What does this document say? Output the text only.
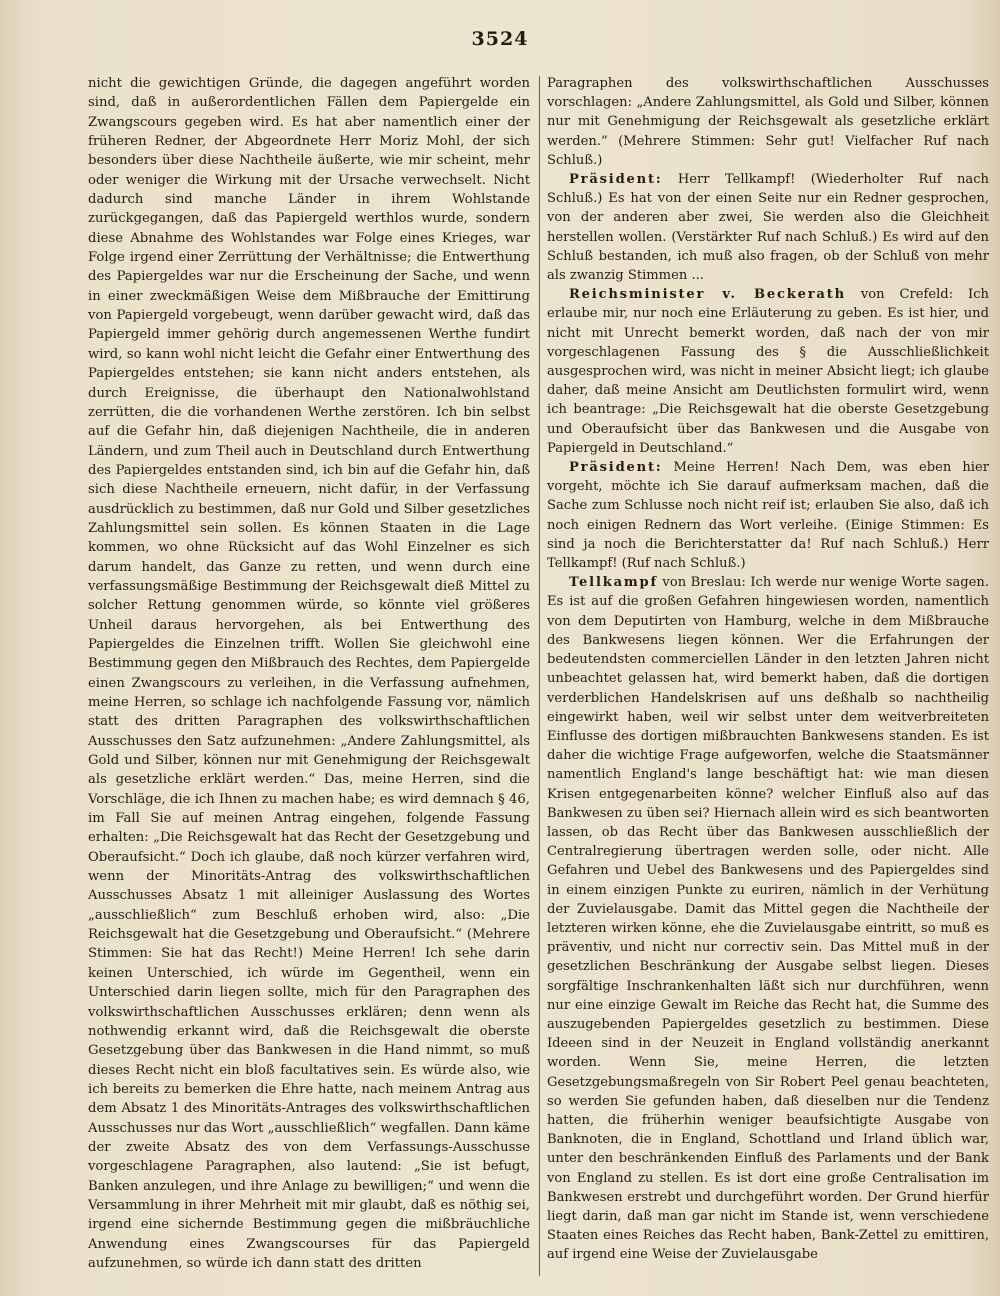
3524

nicht die gewichtigen Gründe, die dagegen angeführt worden sind, daß in außerordentlichen Fällen dem Papiergelde ein Zwangscours gegeben wird. Es hat aber namentlich einer der früheren Redner, der Abgeordnete Herr Moriz Mohl, der sich besonders über diese Nachtheile äußerte, wie mir scheint, mehr oder weniger die Wirkung mit der Ursache verwechselt. Nicht dadurch sind manche Länder in ihrem Wohlstande zurückgegangen, daß das Papiergeld werthlos wurde, sondern diese Abnahme des Wohlstandes war Folge eines Krieges, war Folge irgend einer Zerrüttung der Verhältnisse; die Entwerthung des Papiergeldes war nur die Erscheinung der Sache, und wenn in einer zweckmäßigen Weise dem Mißbrauche der Emittirung von Papiergeld vorgebeugt, wenn darüber gewacht wird, daß das Papiergeld immer gehörig durch angemessenen Werthe fundirt wird, so kann wohl nicht leicht die Gefahr einer Entwerthung des Papiergeldes entstehen; sie kann nicht anders entstehen, als durch Ereignisse, die überhaupt den Nationalwohlstand zerrütten, die die vorhandenen Werthe zerstören. Ich bin selbst auf die Gefahr hin, daß diejenigen Nachtheile, die in anderen Ländern, und zum Theil auch in Deutschland durch Entwerthung des Papiergeldes entstanden sind, ich bin auf die Gefahr hin, daß sich diese Nachtheile erneuern, nicht dafür, in der Verfassung ausdrücklich zu bestimmen, daß nur Gold und Silber gesetzliches Zahlungsmittel sein sollen. Es können Staaten in die Lage kommen, wo ohne Rücksicht auf das Wohl Einzelner es sich darum handelt, das Ganze zu retten, und wenn durch eine verfassungsmäßige Bestimmung der Reichsgewalt dieß Mittel zu solcher Rettung genommen würde, so könnte viel größeres Unheil daraus hervorgehen, als bei Entwerthung des Papiergeldes die Einzelnen trifft. Wollen Sie gleichwohl eine Bestimmung gegen den Mißbrauch des Rechtes, dem Papiergelde einen Zwangscours zu verleihen, in die Verfassung aufnehmen, meine Herren, so schlage ich nachfolgende Fassung vor, nämlich statt des dritten Paragraphen des volkswirthschaftlichen Ausschusses den Satz aufzunehmen: „Andere Zahlungsmittel, als Gold und Silber, können nur mit Genehmigung der Reichsgewalt als gesetzliche erklärt werden.“ Das, meine Herren, sind die Vorschläge, die ich Ihnen zu machen habe; es wird demnach § 46, im Fall Sie auf meinen Antrag eingehen, folgende Fassung erhalten: „Die Reichsgewalt hat das Recht der Gesetzgebung und Oberaufsicht.“ Doch ich glaube, daß noch kürzer verfahren wird, wenn der Minoritäts-Antrag des volkswirthschaftlichen Ausschusses Absatz 1 mit alleiniger Auslassung des Wortes „ausschließlich“ zum Beschluß erhoben wird, also: „Die Reichsgewalt hat die Gesetzgebung und Oberaufsicht.“ (Mehrere Stimmen: Sie hat das Recht!) Meine Herren! Ich sehe darin keinen Unterschied, ich würde im Gegentheil, wenn ein Unterschied darin liegen sollte, mich für den Paragraphen des volkswirthschaftlichen Ausschusses erklären; denn wenn als nothwendig erkannt wird, daß die Reichsgewalt die oberste Gesetzgebung über das Bankwesen in die Hand nimmt, so muß dieses Recht nicht ein bloß facultatives sein. Es würde also, wie ich bereits zu bemerken die Ehre hatte, nach meinem Antrag aus dem Absatz 1 des Minoritäts-Antrages des volkswirthschaftlichen Ausschusses nur das Wort „ausschließlich“ wegfallen. Dann käme der zweite Absatz des von dem Verfassungs-Ausschusse vorgeschlagene Paragraphen, also lautend: „Sie ist befugt, Banken anzulegen, und ihre Anlage zu bewilligen;“ und wenn die Versammlung in ihrer Mehrheit mit mir glaubt, daß es nöthig sei, irgend eine sichernde Bestimmung gegen die mißbräuchliche Anwendung eines Zwangscourses für das Papiergeld aufzunehmen, so würde ich dann statt des dritten

Paragraphen des volkswirthschaftlichen Ausschusses vorschlagen: „Andere Zahlungsmittel, als Gold und Silber, können nur mit Genehmigung der Reichsgewalt als gesetzliche erklärt werden.“ (Mehrere Stimmen: Sehr gut! Vielfacher Ruf nach Schluß.)

Präsident: Herr Tellkampf! (Wiederholter Ruf nach Schluß.) Es hat von der einen Seite nur ein Redner gesprochen, von der anderen aber zwei, Sie werden also die Gleichheit herstellen wollen. (Verstärkter Ruf nach Schluß.) Es wird auf den Schluß bestanden, ich muß also fragen, ob der Schluß von mehr als zwanzig Stimmen ...

Reichsminister v. Beckerath von Crefeld: Ich erlaube mir, nur noch eine Erläuterung zu geben. Es ist hier, und nicht mit Unrecht bemerkt worden, daß nach der von mir vorgeschlagenen Fassung des § die Ausschließlichkeit ausgesprochen wird, was nicht in meiner Absicht liegt; ich glaube daher, daß meine Ansicht am Deutlichsten formulirt wird, wenn ich beantrage: „Die Reichsgewalt hat die oberste Gesetzgebung und Oberaufsicht über das Bankwesen und die Ausgabe von Papiergeld in Deutschland.“

Präsident: Meine Herren! Nach Dem, was eben hier vorgeht, möchte ich Sie darauf aufmerksam machen, daß die Sache zum Schlusse noch nicht reif ist; erlauben Sie also, daß ich noch einigen Rednern das Wort verleihe. (Einige Stimmen: Es sind ja noch die Berichterstatter da! Ruf nach Schluß.) Herr Tellkampf! (Ruf nach Schluß.)

Tellkampf von Breslau: Ich werde nur wenige Worte sagen. Es ist auf die großen Gefahren hingewiesen worden, namentlich von dem Deputirten von Hamburg, welche in dem Mißbrauche des Bankwesens liegen können. Wer die Erfahrungen der bedeutendsten commerciellen Länder in den letzten Jahren nicht unbeachtet gelassen hat, wird bemerkt haben, daß die dortigen verderblichen Handelskrisen auf uns deßhalb so nachtheilig eingewirkt haben, weil wir selbst unter dem weitverbreiteten Einflusse des dortigen mißbrauchten Bankwesens standen. Es ist daher die wichtige Frage aufgeworfen, welche die Staatsmänner namentlich England's lange beschäftigt hat: wie man diesen Krisen entgegenarbeiten könne? welcher Einfluß also auf das Bankwesen zu üben sei? Hiernach allein wird es sich beantworten lassen, ob das Recht über das Bankwesen ausschließlich der Centralregierung übertragen werden solle, oder nicht. Alle Gefahren und Uebel des Bankwesens und des Papiergeldes sind in einem einzigen Punkte zu euriren, nämlich in der Verhütung der Zuvielausgabe. Damit das Mittel gegen die Nachtheile der letzteren wirken könne, ehe die Zuvielausgabe eintritt, so muß es präventiv, und nicht nur correctiv sein. Das Mittel muß in der gesetzlichen Beschränkung der Ausgabe selbst liegen. Dieses sorgfältige Inschrankenhalten läßt sich nur durchführen, wenn nur eine einzige Gewalt im Reiche das Recht hat, die Summe des auszugebenden Papiergeldes gesetzlich zu bestimmen. Diese Ideeen sind in der Neuzeit in England vollständig anerkannt worden. Wenn Sie, meine Herren, die letzten Gesetzgebungsmaßregeln von Sir Robert Peel genau beachteten, so werden Sie gefunden haben, daß dieselben nur die Tendenz hatten, die früherhin weniger beaufsichtigte Ausgabe von Banknoten, die in England, Schottland und Irland üblich war, unter den beschränkenden Einfluß des Parlaments und der Bank von England zu stellen. Es ist dort eine große Centralisation im Bankwesen erstrebt und durchgeführt worden. Der Grund hierfür liegt darin, daß man gar nicht im Stande ist, wenn verschiedene Staaten eines Reiches das Recht haben, Bank-Zettel zu emittiren, auf irgend eine Weise der Zuvielausgabe
